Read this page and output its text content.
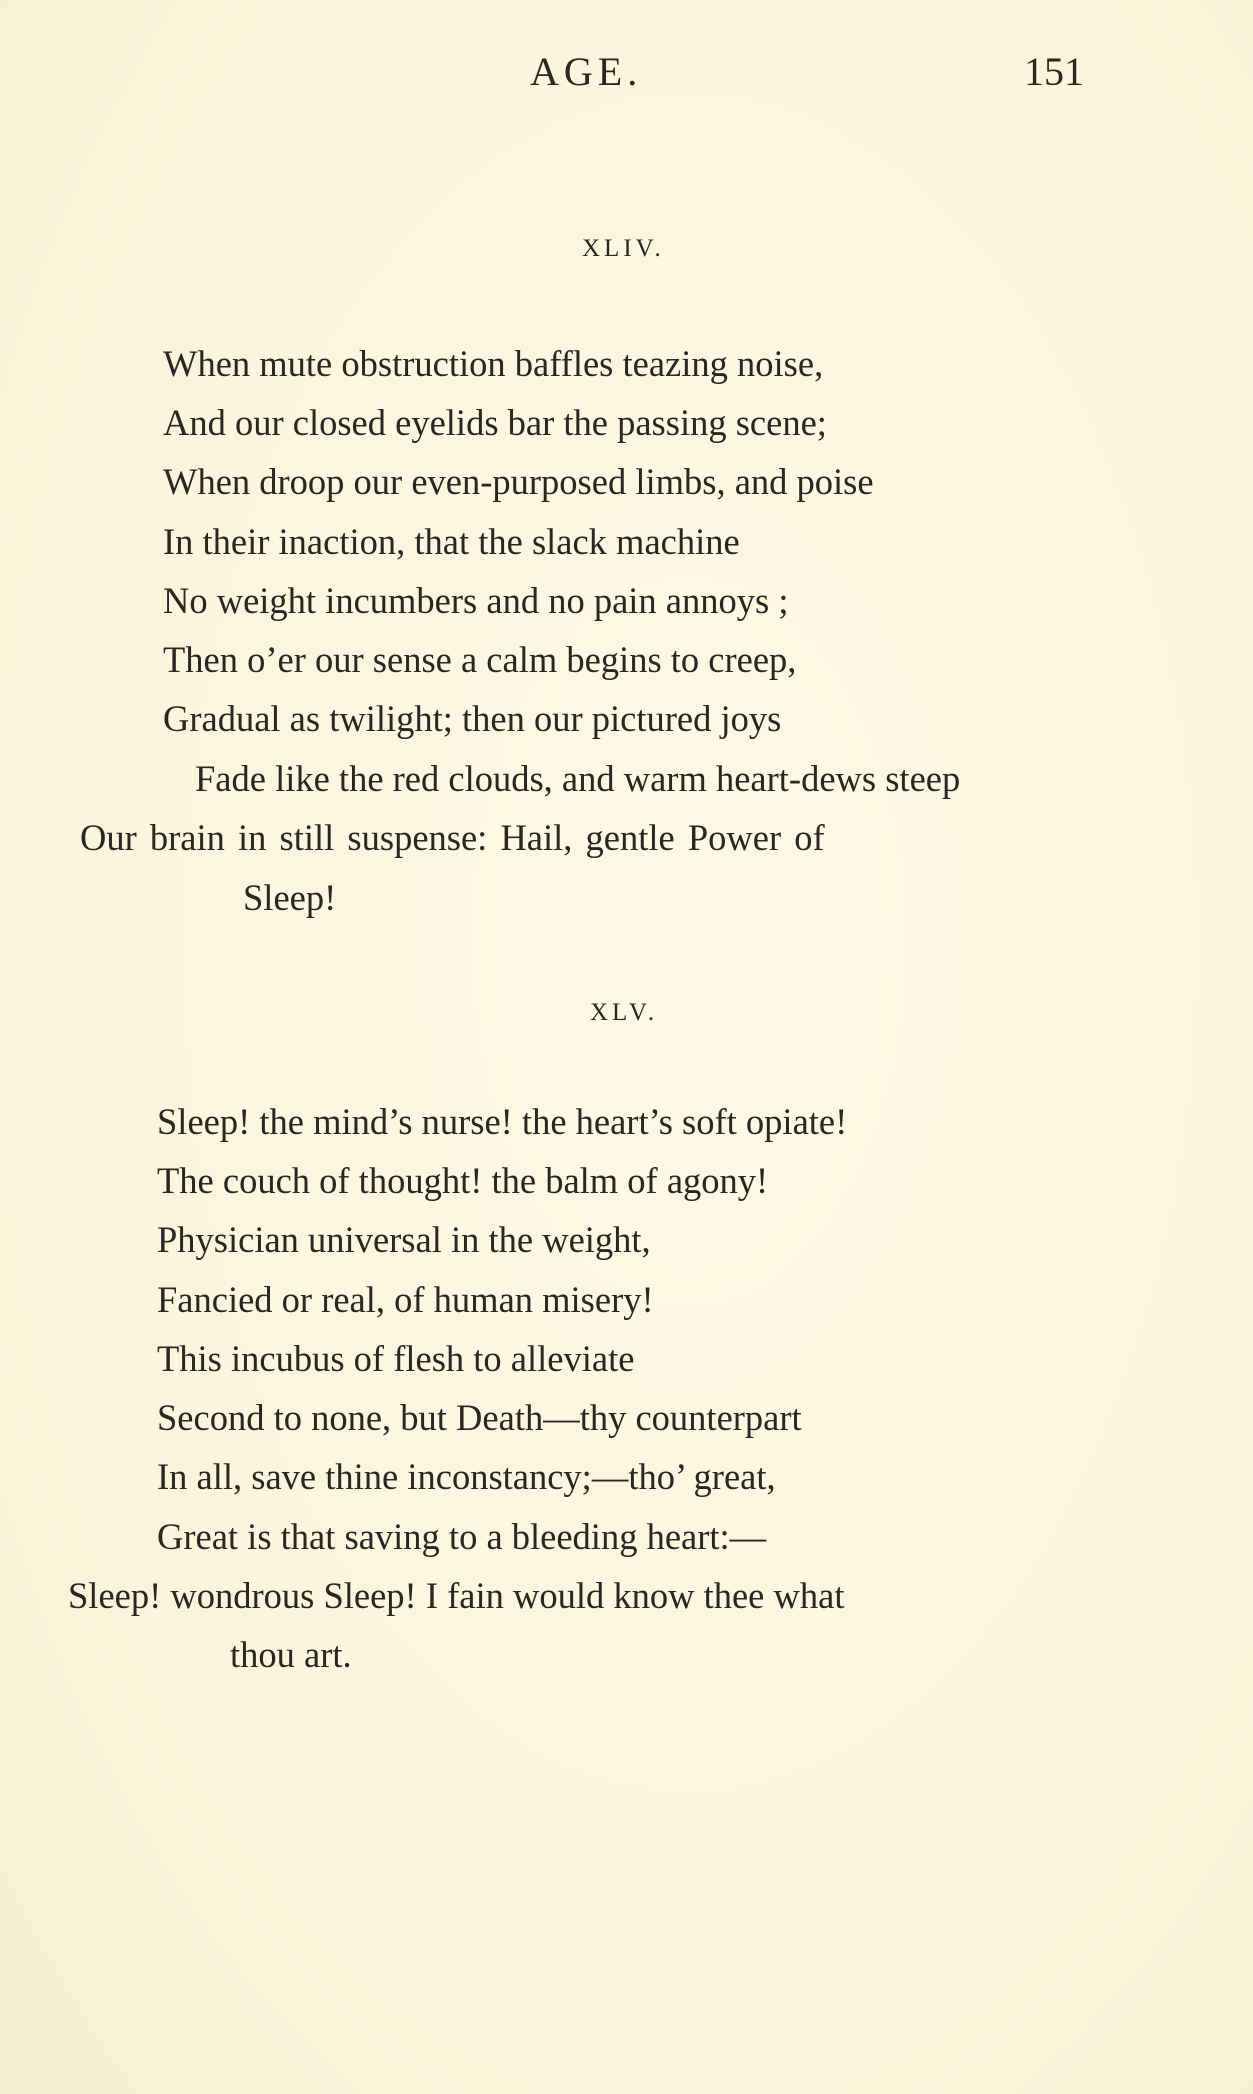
AGE.	151
XLIV.
When mute obstruction baffles teazing noise,
And our closed eyelids bar the passing scene;
When droop our even-purposed limbs, and poise
In their inaction, that the slack machine
No weight incumbers and no pain annoys ;
Then o’er our sense a calm begins to creep,
Gradual as twilight; then our pictured joys
Fade like the red clouds, and warm heart-dews steep
Our brain in still suspense: Hail, gentle Power of
Sleep!
XLV.
Sleep! the mind’s nurse! the heart’s soft opiate!
The couch of thought! the balm of agony!
Physician universal in the weight,
Fancied or real, of human misery!
This incubus of flesh to alleviate
Second to none, but Death—thy counterpart
In all, save thine inconstancy;—tho’ great,
Great is that saving to a bleeding heart:—
Sleep! wondrous Sleep! I fain would know thee what
thou art.
